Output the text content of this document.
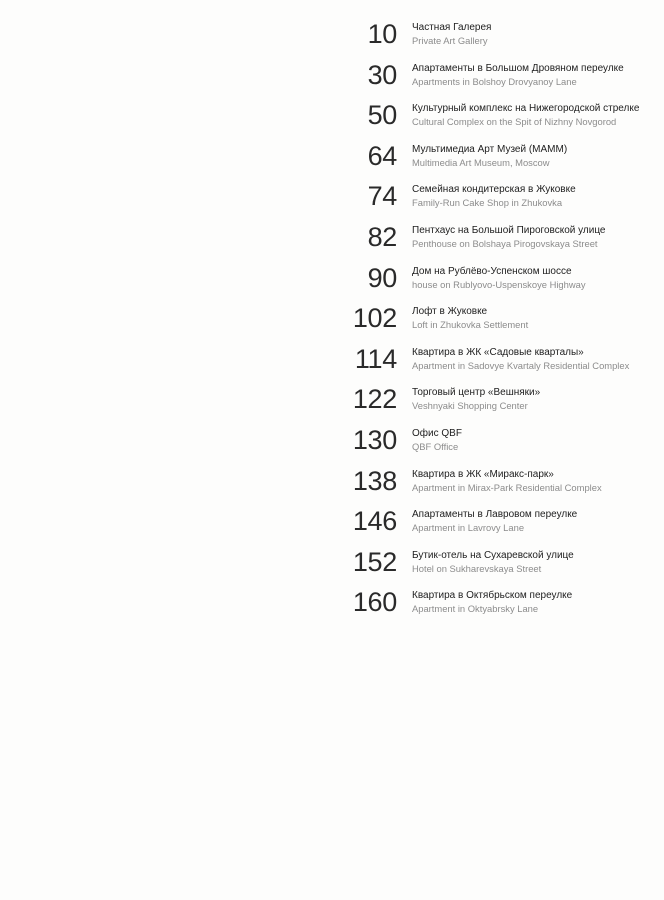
10 Частная Галерея
Private Art Gallery
30 Апартаменты в Большом Дровяном переулке
Apartments in Bolshoy Drovyanoy Lane
50 Культурный комплекс на Нижегородской стрелке
Cultural Complex on the Spit of Nizhny Novgorod
64 Мультимедиа Арт Музей (МАММ)
Multimedia Art Museum, Moscow
74 Семейная кондитерская в Жуковке
Family-Run Cake Shop in Zhukovka
82 Пентхаус на Большой Пироговской улице
Penthouse on Bolshaya Pirogovskaya Street
90 Дом на Рублёво-Успенском шоссе
house on Rublyovo-Uspenskoye Highway
102 Лофт в Жуковке
Loft in Zhukovka Settlement
114 Квартира в ЖК «Садовые кварталы»
Apartment in Sadovye Kvartaly Residential Complex
122 Торговый центр «Вешняки»
Veshnyaki Shopping Center
130 Офис QBF
QBF Office
138 Квартира в ЖК «Миракс-парк»
Apartment in Mirax-Park Residential Complex
146 Апартаменты в Лавровом переулке
Apartment in Lavrovy Lane
152 Бутик-отель на Сухаревской улице
Hotel on Sukharevskaya Street
160 Квартира в Октябрьском переулке
Apartment in Oktyabrsky Lane
